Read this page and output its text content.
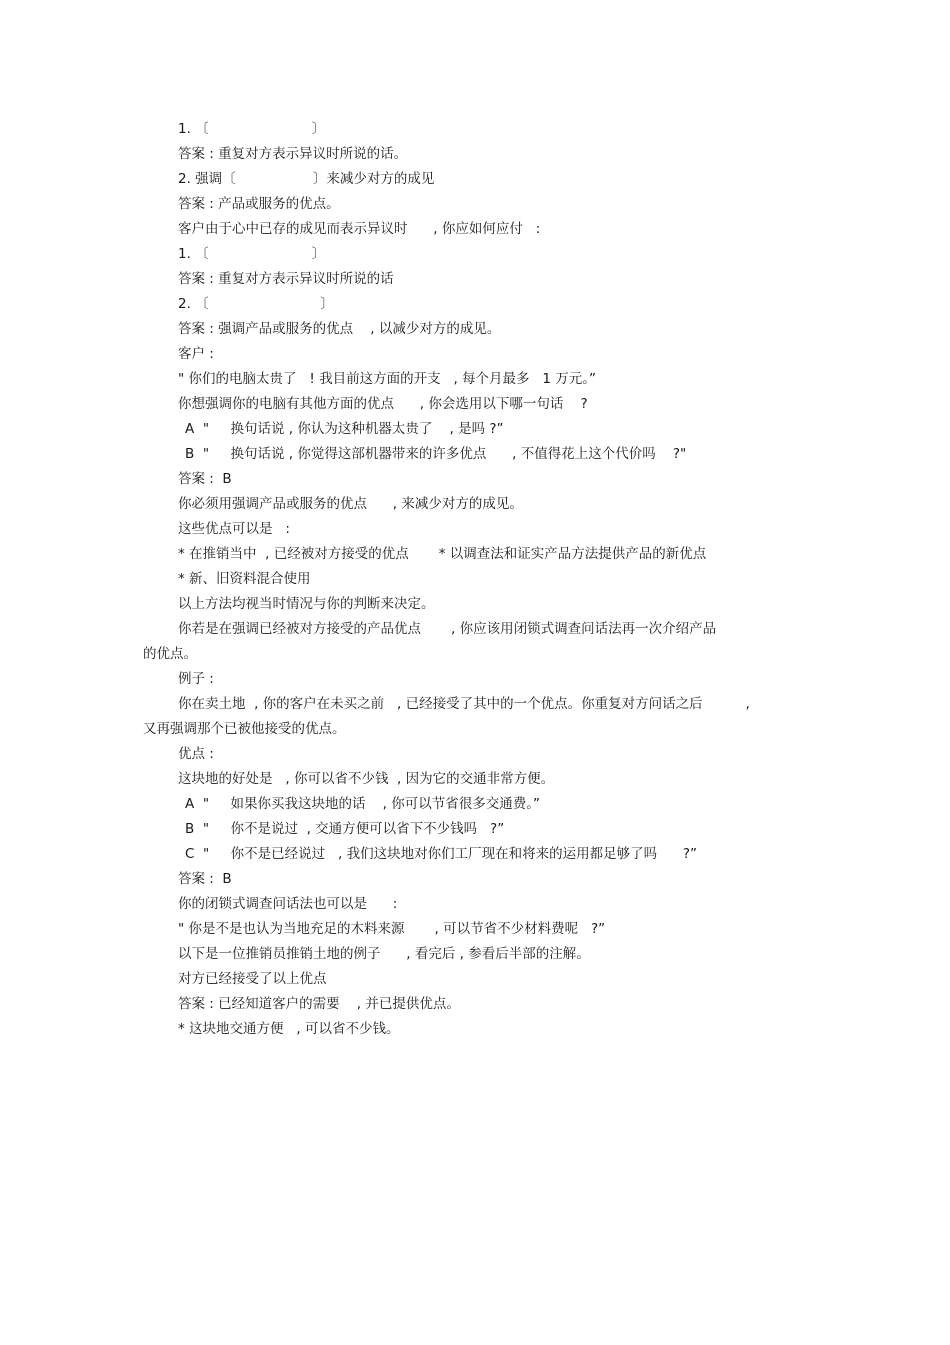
1. 〔                        〕
答案 : 重复对方表示异议时所说的话。
2. 强调〔                  〕来减少对方的成见
答案 : 产品或服务的优点。
客户由于心中已存的成见而表示异议时      , 你应如何应付   :
1. 〔                        〕
答案 : 重复对方表示异议时所说的话
2. 〔                          〕
答案 : 强调产品或服务的优点    , 以减少对方的成见。
客户 :
" 你们的电脑太贵了   ! 我目前这方面的开支   , 每个月最多   1 万元。”
你想强调你的电脑有其他方面的优点      , 你会选用以下哪一句话    ?
A  "     换句话说 , 你认为这种机器太贵了    , 是吗 ?”
B  "     换句话说 , 你觉得这部机器带来的许多优点      , 不值得花上这个代价吗    ?"
答案 :  B
你必须用强调产品或服务的优点      , 来减少对方的成见。
这些优点可以是   :
* 在推销当中  , 已经被对方接受的优点       * 以调查法和证实产品方法提供产品的新优点
* 新、旧资料混合使用
以上方法均视当时情况与你的判断来决定。
你若是在强调已经被对方接受的产品优点       , 你应该用闭锁式调查问话法再一次介绍产品
的优点。
例子 :
你在卖土地  , 你的客户在未买之前   , 已经接受了其中的一个优点。你重复对方问话之后          ,
又再强调那个已被他接受的优点。
优点 :
这块地的好处是   , 你可以省不少钱  , 因为它的交通非常方便。
A  "     如果你买我这块地的话    , 你可以节省很多交通费。”
B  "     你不是说过  , 交通方便可以省下不少钱吗   ?”
C  "     你不是已经说过   , 我们这块地对你们工厂现在和将来的运用都足够了吗      ?”
答案 :  B
你的闭锁式调查问话法也可以是      :
" 你是不是也认为当地充足的木料来源       , 可以节省不少材料费呢   ?”
以下是一位推销员推销土地的例子      , 看完后 , 参看后半部的注解。
对方已经接受了以上优点
答案 : 已经知道客户的需要    , 并已提供优点。
* 这块地交通方便   , 可以省不少钱。
